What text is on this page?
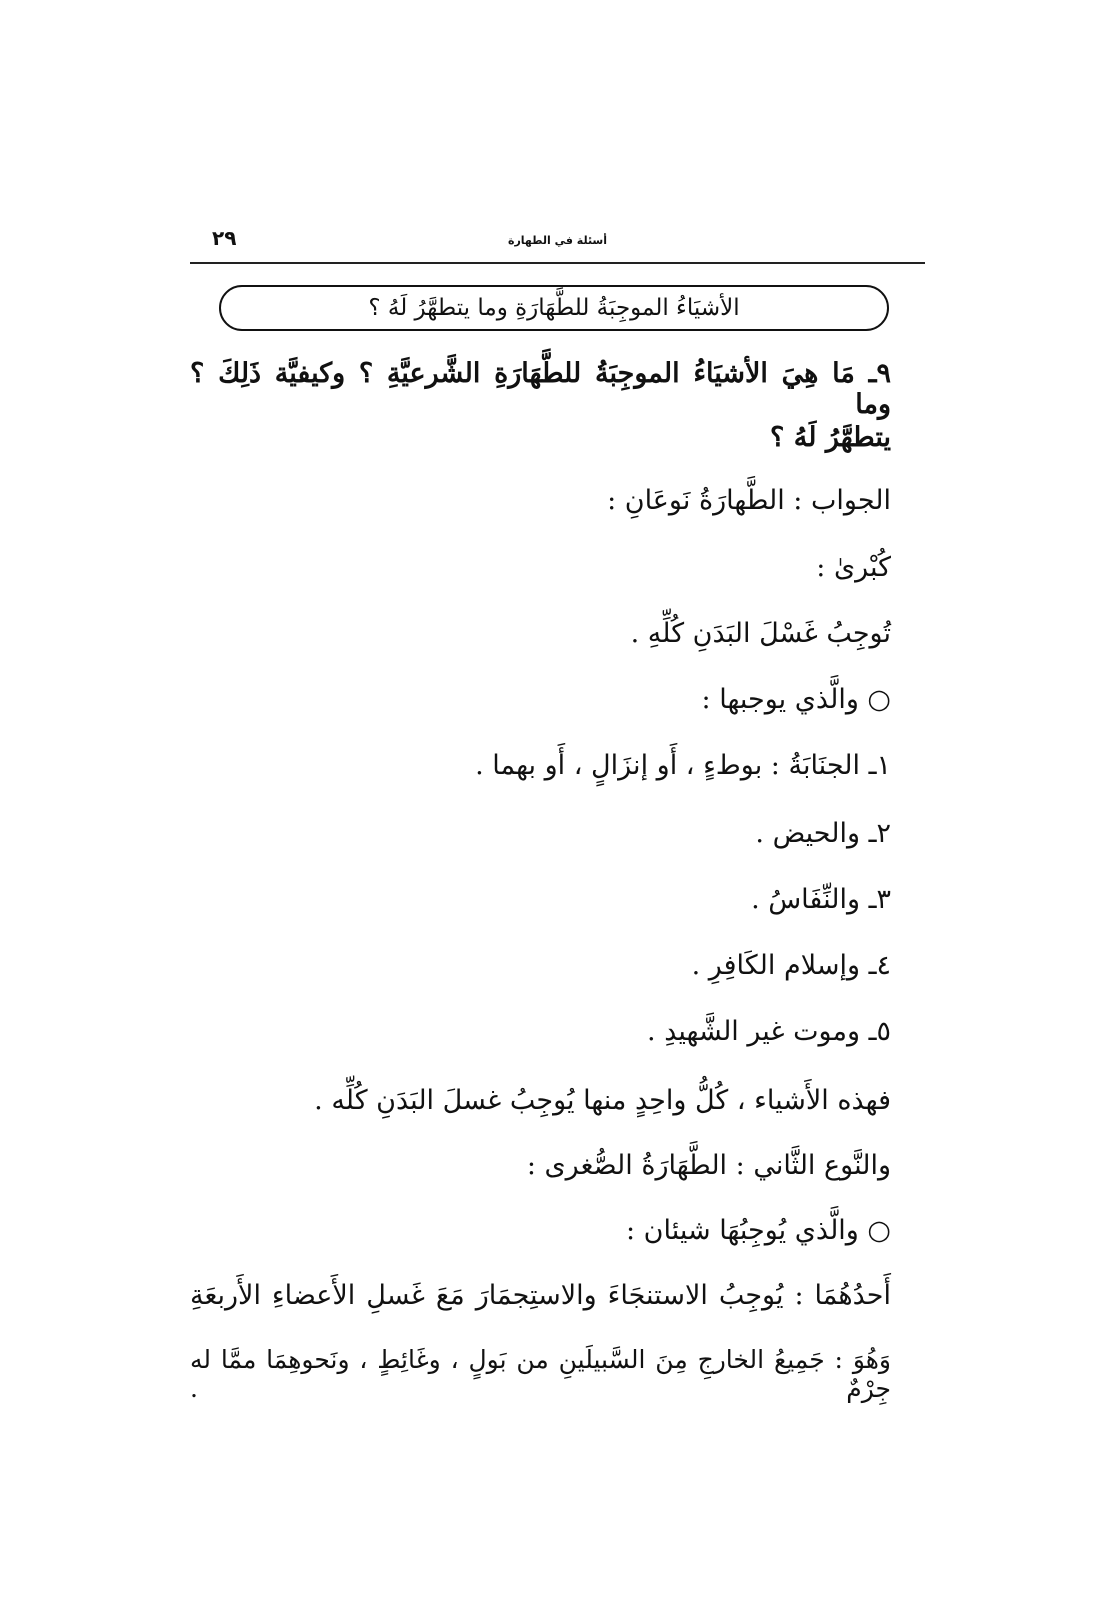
٢٩	أسئلة في الطهارة
الأشيَاءُ الموجِبَةُ للطَّهَارَةِ وما يتطهَّرُ لَهُ ؟
٩ـ مَا هِيَ الأشيَاءُ الموجِبَةُ للطَّهَارَةِ الشَّرعيَّةِ ؟ وكيفيَّة ذَلِكَ ؟ وما
يتطهَّرُ لَهُ ؟
الجواب : الطَّهارَةُ نَوعَانِ :
كُبْرىٰ :
تُوجِبُ غَسْلَ البَدَنِ كُلِّهِ .
○ والَّذي يوجبها :
١ـ الجنَابَةُ : بوطءٍ ، أَو إنزَالٍ ، أَو بهما .
٢ـ والحيض .
٣ـ والنِّفَاسُ .
٤ـ وإسلام الكَافِرِ .
٥ـ وموت غير الشَّهيدِ .
فهذه الأَشياء ، كُلُّ واحِدٍ منها يُوجِبُ غسلَ البَدَنِ كُلِّه .
والنَّوع الثَّاني : الطَّهَارَةُ الصُّغرى :
○ والَّذي يُوجِبُهَا شيئان :
أَحدُهُمَا : يُوجِبُ الاستنجَاءَ والاستِجمَارَ مَعَ غَسلِ الأَعضاءِ الأَربعَةِ
وَهُوَ : جَمِيعُ الخارجِ مِنَ السَّبيلَينِ من بَولٍ ، وغَائِطٍ ، ونَحوهِمَا ممَّا له جِرْمٌ .
